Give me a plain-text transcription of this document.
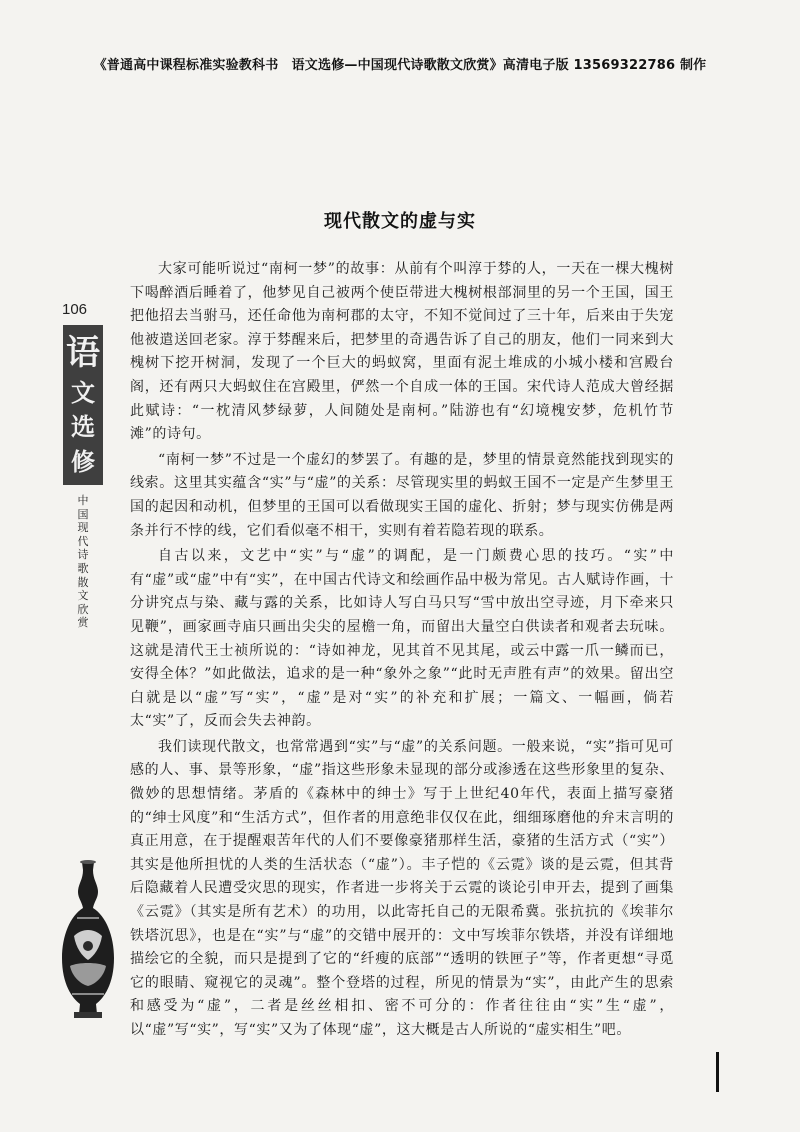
《普通高中课程标准实验教科书　语文选修—中国现代诗歌散文欣赏》高清电子版 13569322786 制作
106
语
文
选
修
中国现代诗歌散文欣赏
现代散文的虚与实

大家可能听说过“南柯一梦”的故事：从前有个叫淳于棼的人，一天在一棵大槐树下喝醉酒后睡着了，他梦见自己被两个使臣带进大槐树根部洞里的另一个王国，国王把他招去当驸马，还任命他为南柯郡的太守，不知不觉间过了三十年，后来由于失宠他被遣送回老家。淳于棼醒来后，把梦里的奇遇告诉了自己的朋友，他们一同来到大槐树下挖开树洞，发现了一个巨大的蚂蚁窝，里面有泥土堆成的小城小楼和宫殿台阁，还有两只大蚂蚁住在宫殿里，俨然一个自成一体的王国。宋代诗人范成大曾经据此赋诗：“一枕清风梦绿萝，人间随处是南柯。”陆游也有“幻境槐安梦，危机竹节滩”的诗句。

“南柯一梦”不过是一个虚幻的梦罢了。有趣的是，梦里的情景竟然能找到现实的线索。这里其实蕴含“实”与“虚”的关系：尽管现实里的蚂蚁王国不一定是产生梦里王国的起因和动机，但梦里的王国可以看做现实王国的虚化、折射；梦与现实仿佛是两条并行不悖的线，它们看似毫不相干，实则有着若隐若现的联系。

自古以来，文艺中“实”与“虚”的调配，是一门颇费心思的技巧。“实”中有“虚”或“虚”中有“实”，在中国古代诗文和绘画作品中极为常见。古人赋诗作画，十分讲究点与染、藏与露的关系，比如诗人写白马只写“雪中放出空寻迹，月下牵来只见鞭”，画家画寺庙只画出尖尖的屋檐一角，而留出大量空白供读者和观者去玩味。这就是清代王士祯所说的：“诗如神龙，见其首不见其尾，或云中露一爪一鳞而已，安得全体？”如此做法，追求的是一种“象外之象”“此时无声胜有声”的效果。留出空白就是以“虚”写“实”，“虚”是对“实”的补充和扩展；一篇文、一幅画，倘若太“实”了，反而会失去神韵。

我们读现代散文，也常常遇到“实”与“虚”的关系问题。一般来说，“实”指可见可感的人、事、景等形象，“虚”指这些形象未显现的部分或渗透在这些形象里的复杂、微妙的思想情绪。茅盾的《森林中的绅士》写于上世纪40年代，表面上描写豪猪的“绅士风度”和“生活方式”，但作者的用意绝非仅仅在此，细细琢磨他的弁末言明的真正用意，在于提醒艰苦年代的人们不要像豪猪那样生活，豪猪的生活方式（“实”）其实是他所担忧的人类的生活状态（“虚”）。丰子恺的《云霓》谈的是云霓，但其背后隐藏着人民遭受灾思的现实，作者进一步将关于云霓的谈论引申开去，提到了画集《云霓》（其实是所有艺术）的功用，以此寄托自己的无限希冀。张抗抗的《埃菲尔铁塔沉思》，也是在“实”与“虚”的交错中展开的：文中写埃菲尔铁塔，并没有详细地描绘它的全貌，而只是提到了它的“纤瘦的底部”“透明的铁匣子”等，作者更想“寻觅它的眼睛、窥视它的灵魂”。整个登塔的过程，所见的情景为“实”，由此产生的思索和感受为“虚”，二者是丝丝相扣、密不可分的：作者往往由“实”生“虚”，以“虚”写“实”，写“实”又为了体现“虚”，这大概是古人所说的“虚实相生”吧。
